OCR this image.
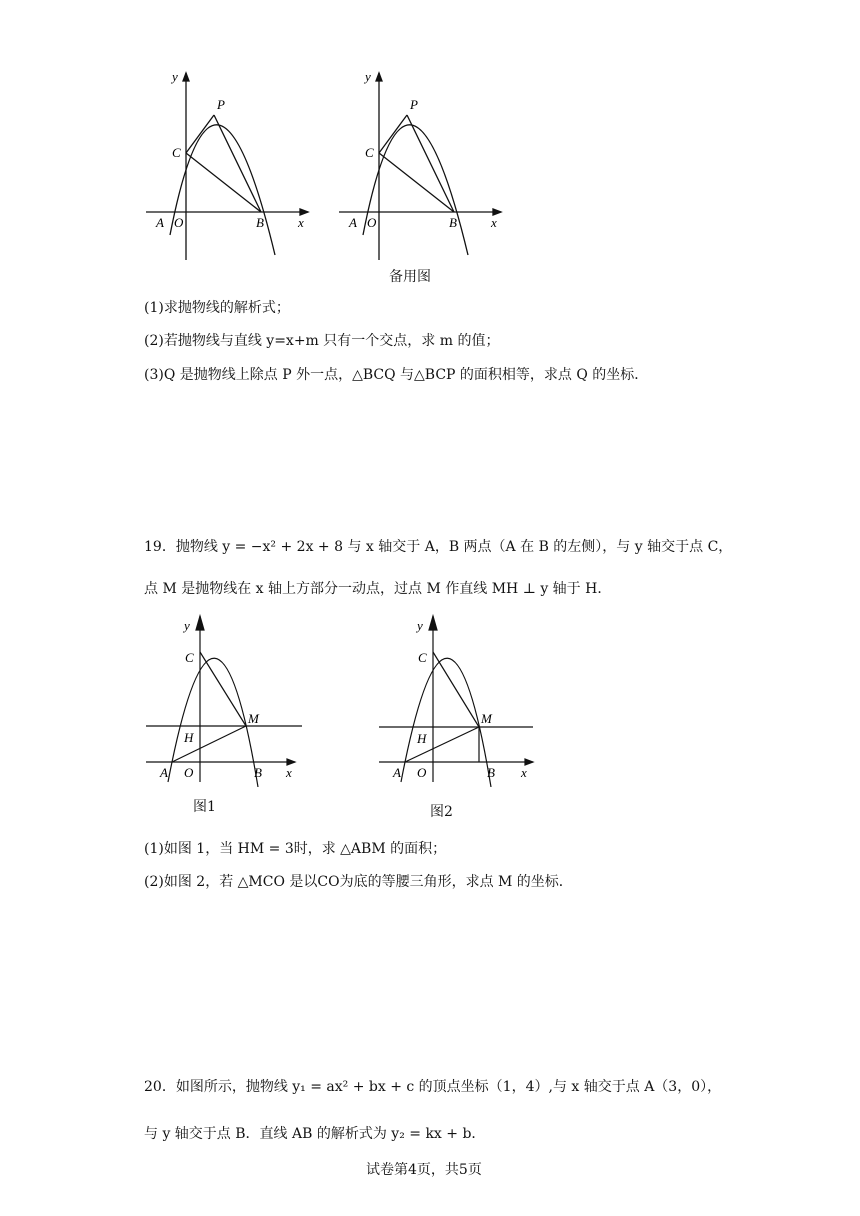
y
x
A O	B
C
P
y
x
A O	B
C
P
备用图
(1)求抛物线的解析式；
(2)若抛物线与直线 y=x+m 只有一个交点，求 m 的值；
(3)Q 是抛物线上除点 P 外一点，△BCQ 与△BCP 的面积相等，求点 Q 的坐标．
19．抛物线 y = −x² + 2x + 8 与 x 轴交于 A，B 两点（A 在 B 的左侧），与 y 轴交于点 C，
点 M 是抛物线在 x 轴上方部分一动点，过点 M 作直线 MH ⊥ y 轴于 H．
y
x
A O	B
C
M
H
图1
y
x
A O	B
C
M
H
图2
(1)如图 1，当 HM = 3时，求 △ABM 的面积；
(2)如图 2，若 △MCO 是以CO为底的等腰三角形，求点 M 的坐标．
20．如图所示，抛物线 y₁ = ax² + bx + c 的顶点坐标（1，4）,与 x 轴交于点 A（3，0），
与 y 轴交于点 B．直线 AB 的解析式为 y₂ = kx + b．
试卷第4页，共5页
